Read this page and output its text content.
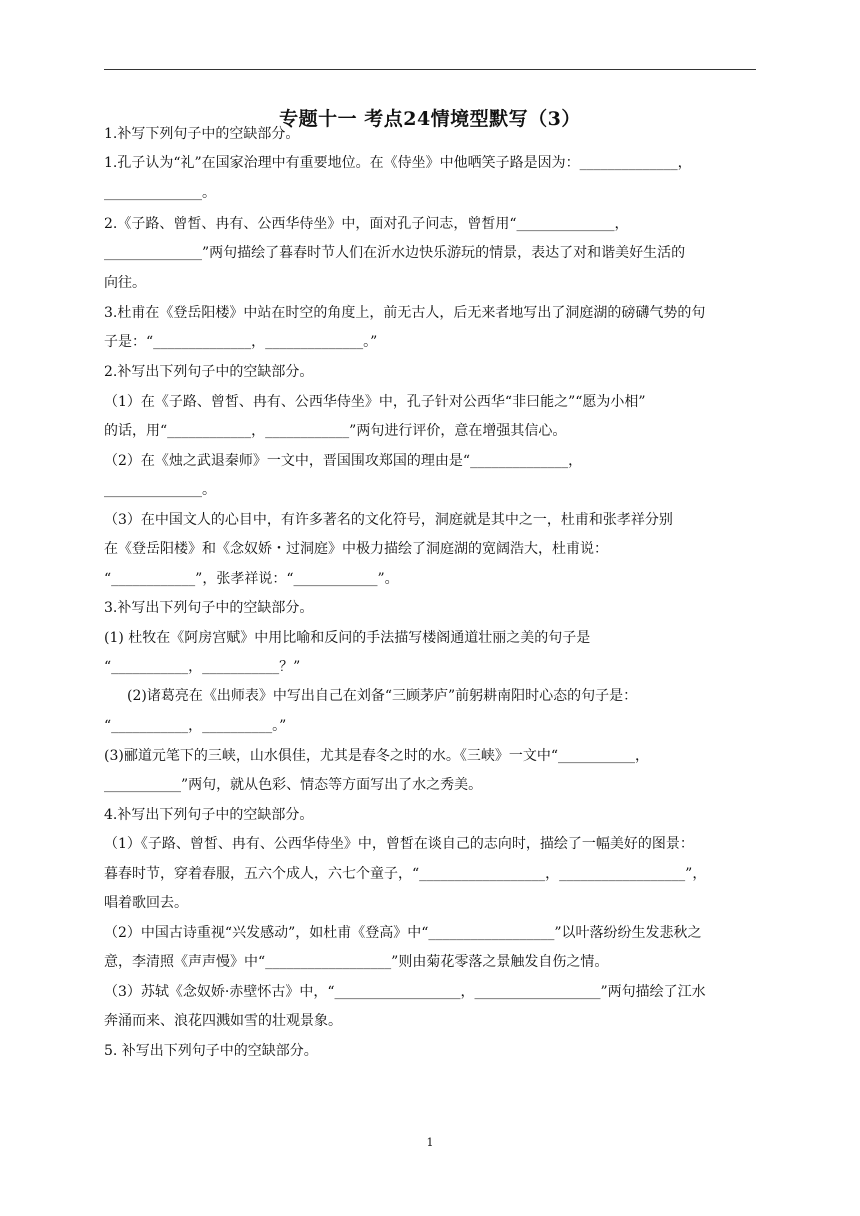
专题十一 考点24情境型默写（3）
1.补写下列句子中的空缺部分。
1.孔子认为“礼”在国家治理中有重要地位。在《侍坐》中他哂笑子路是因为：______________，
______________。
2.《子路、曾皙、冉有、公西华侍坐》中，面对孔子问志，曾皙用“______________，
______________”两句描绘了暮春时节人们在沂水边快乐游玩的情景，表达了对和谐美好生活的
向往。
3.杜甫在《登岳阳楼》中站在时空的角度上，前无古人，后无来者地写出了洞庭湖的磅礴气势的句
子是：“______________，______________。”
2.补写出下列句子中的空缺部分。
（1）在《子路、曾皙、冉有、公西华侍坐》中，孔子针对公西华“非曰能之”“愿为小相”
的话，用“____________，____________”两句进行评价，意在增强其信心。
（2）在《烛之武退秦师》一文中，晋国围攻郑国的理由是“______________，
______________。
（3）在中国文人的心目中，有许多著名的文化符号，洞庭就是其中之一，杜甫和张孝祥分别
在《登岳阳楼》和《念奴娇・过洞庭》中极力描绘了洞庭湖的宽阔浩大，杜甫说：
“____________”，张孝祥说：“____________”。
3.补写出下列句子中的空缺部分。
(1) 杜牧在《阿房宫赋》中用比喻和反问的手法描写楼阁通道壮丽之美的句子是
“___________，___________？”
(2)诸葛亮在《出师表》中写出自己在刘备“三顾茅庐”前躬耕南阳时心态的句子是：
“___________，__________。”
(3)郦道元笔下的三峡，山水俱佳，尤其是春冬之时的水。《三峡》一文中“___________，
___________”两句，就从色彩、情态等方面写出了水之秀美。
4.补写出下列句子中的空缺部分。
（1）《子路、曾皙、冉有、公西华侍坐》中，曾皙在谈自己的志向时，描绘了一幅美好的图景：
暮春时节，穿着春服，五六个成人，六七个童子，“__________________，__________________”，
唱着歌回去。
（2）中国古诗重视“兴发感动”，如杜甫《登高》中“__________________”以叶落纷纷生发悲秋之
意，李清照《声声慢》中“__________________”则由菊花零落之景触发自伤之情。
（3）苏轼《念奴娇·赤壁怀古》中，“__________________，__________________”两句描绘了江水
奔涌而来、浪花四溅如雪的壮观景象。
5. 补写出下列句子中的空缺部分。
1
